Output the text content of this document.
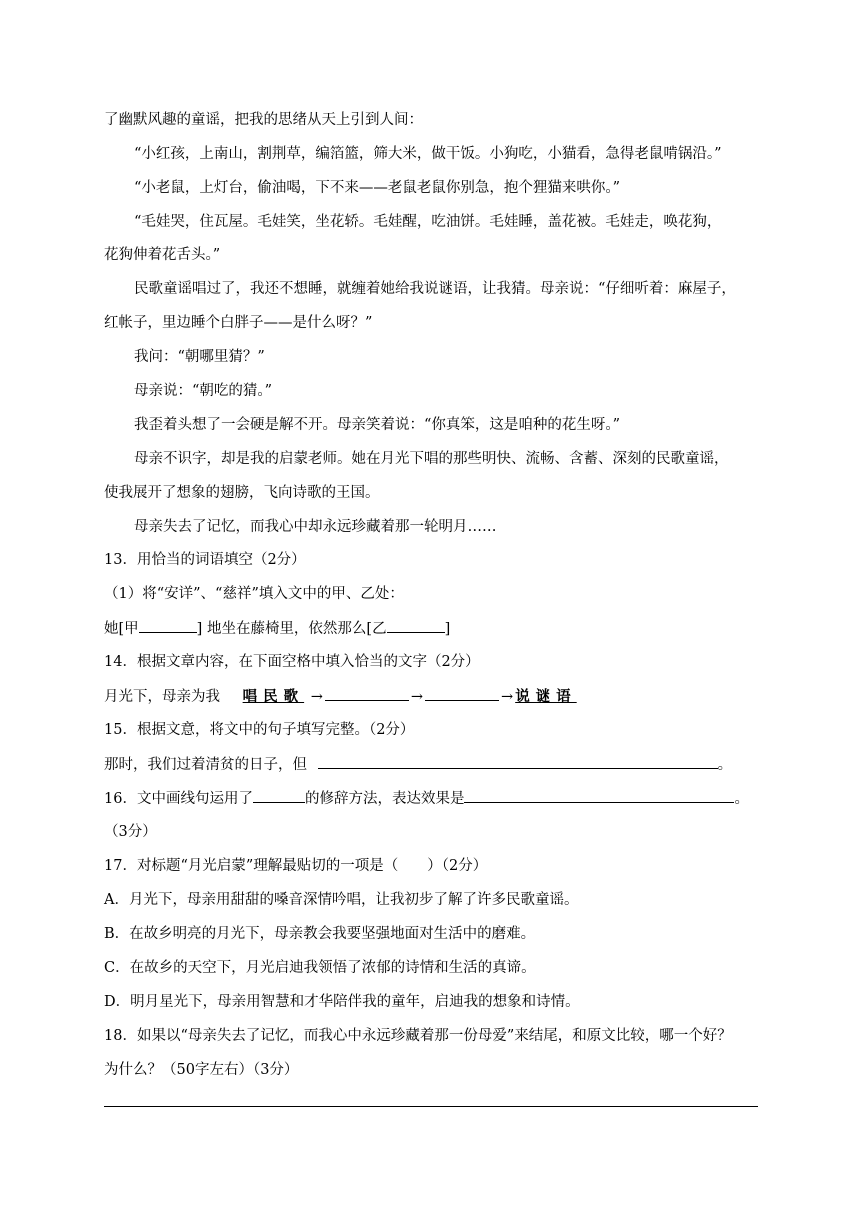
了幽默风趣的童谣，把我的思绪从天上引到人间：
“小红孩，上南山，割荆草，编箔篮，筛大米，做干饭。小狗吃，小猫看，急得老鼠啃锅沿。”
“小老鼠，上灯台，偷油喝，下不来——老鼠老鼠你别急，抱个狸猫来哄你。”
“毛娃哭，住瓦屋。毛娃笑，坐花轿。毛娃醒，吃油饼。毛娃睡，盖花被。毛娃走，唤花狗，
花狗伸着花舌头。”
民歌童谣唱过了，我还不想睡，就缠着她给我说谜语，让我猜。母亲说：“仔细听着：麻屋子，
红帐子，里边睡个白胖子——是什么呀？”
我问：“朝哪里猜？”
母亲说：“朝吃的猜。”
我歪着头想了一会硬是解不开。母亲笑着说：“你真笨，这是咱种的花生呀。”
母亲不识字，却是我的启蒙老师。她在月光下唱的那些明快、流畅、含蓄、深刻的民歌童谣，
使我展开了想象的翅膀，飞向诗歌的王国。
母亲失去了记忆，而我心中却永远珍藏着那一轮明月……
13．用恰当的词语填空（2分）
（1）将“安详”、“慈祥”填入文中的甲、乙处：
她[甲	] 地坐在藤椅里，依然那么[乙	]
14．根据文章内容，在下面空格中填入恰当的文字（2分）
月光下，母亲为我 唱民歌 →	→	→ 说谜语
15．根据文意，将文中的句子填写完整。（2分）
那时，我们过着清贫的日子，但	。
16．文中画线句运用了	的修辞方法，表达效果是	。
（3分）
17．对标题“月光启蒙”理解最贴切的一项是（　　）（2分）
A．月光下，母亲用甜甜的嗓音深情吟唱，让我初步了解了许多民歌童谣。
B．在故乡明亮的月光下，母亲教会我要坚强地面对生活中的磨难。
C．在故乡的天空下，月光启迪我领悟了浓郁的诗情和生活的真谛。
D．明月星光下，母亲用智慧和才华陪伴我的童年，启迪我的想象和诗情。
18．如果以“母亲失去了记忆，而我心中永远珍藏着那一份母爱”来结尾，和原文比较，哪一个好？
为什么？（50字左右）（3分）
